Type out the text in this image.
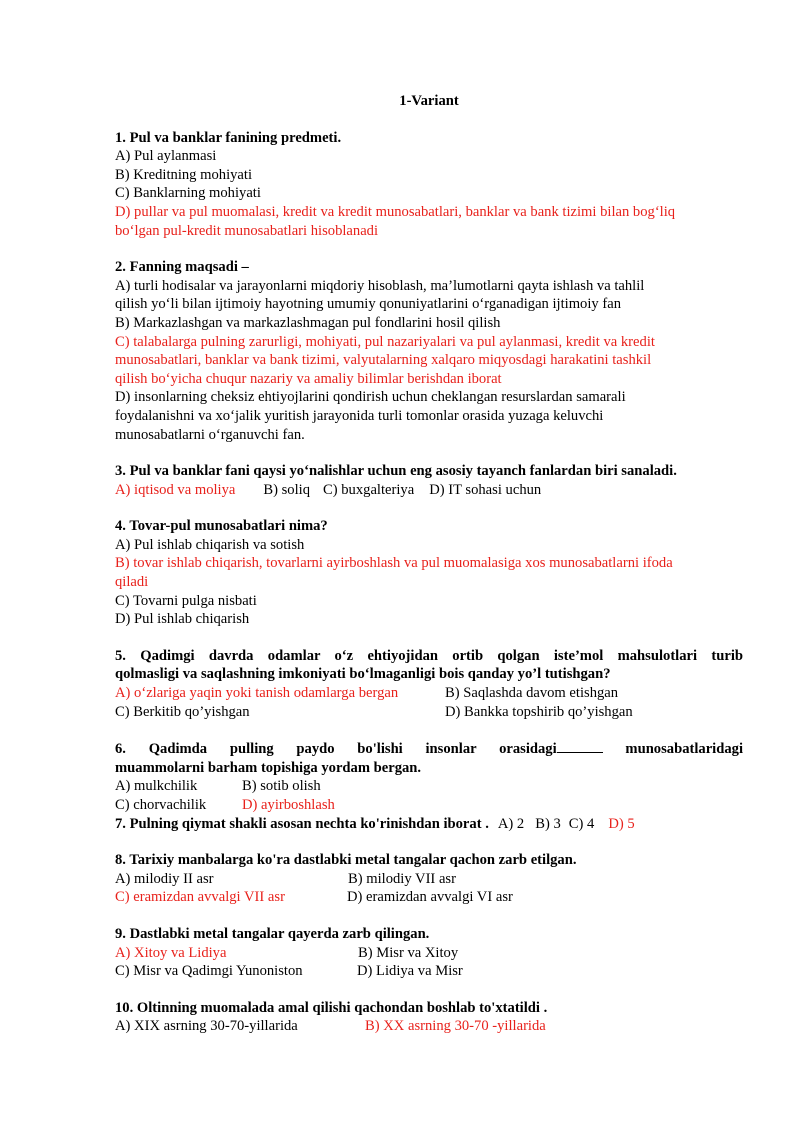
1-Variant
1. Pul va banklar fanining predmeti.
A) Pul aylanmasi
B) Kreditning mohiyati
C) Banklarning mohiyati
D) pullar va pul muomalasi, kredit va kredit munosabatlari, banklar va bank tizimi bilan bog‘liq
bo‘lgan pul-kredit munosabatlari hisoblanadi
2. Fanning maqsadi –
A) turli hodisalar va jarayonlarni miqdoriy hisoblash, ma’lumotlarni qayta ishlash va tahlil
qilish yo‘li bilan ijtimoiy hayotning umumiy qonuniyatlarini o‘rganadigan ijtimoiy fan
B) Markazlashgan va markazlashmagan pul fondlarini hosil qilish
C) talabalarga pulning zarurligi, mohiyati, pul nazariyalari va pul aylanmasi, kredit va kredit
munosabatlari, banklar va bank tizimi, valyutalarning xalqaro miqyosdagi harakatini tashkil
qilish bo‘yicha chuqur nazariy va amaliy bilimlar berishdan iborat
D) insonlarning cheksiz ehtiyojlarini qondirish uchun cheklangan resurslardan samarali
foydalanishni va xo‘jalik yuritish jarayonida turli tomonlar orasida yuzaga keluvchi
munosabatlarni o‘rganuvchi fan.
3. Pul va banklar fani qaysi yo‘nalishlar uchun eng asosiy tayanch fanlardan biri sanaladi.
A) iqtisod va moliya B) soliq C) buxgalteriya D) IT sohasi uchun
4. Tovar-pul munosabatlari nima?
A) Pul ishlab chiqarish va sotish
B) tovar ishlab chiqarish, tovarlarni ayirboshlash va pul muomalasiga xos munosabatlarni ifoda
qiladi
C) Tovarni pulga nisbati
D) Pul ishlab chiqarish
5. Qadimgi davrda odamlar o‘z ehtiyojidan ortib qolgan iste’mol mahsulotlari turib
qolmasligi va saqlashning imkoniyati bo‘lmaganligi bois qanday yo’l tutishgan?
A) o‘zlariga yaqin yoki tanish odamlarga bergan	B) Saqlashda davom etishgan
C) Berkitib qo’yishgan	D) Bankka topshirib qo’yishgan
6. Qadimda pulling paydo bo'lishi insonlar orasidagi	munosabatlaridagi
muammolarni barham topishiga yordam bergan.
A) mulkchilik	B) sotib olish
C) chorvachilik	D) ayirboshlash
7. Pulning qiymat shakli asosan nechta ko'rinishdan iborat . A) 2 B) 3 C) 4 D) 5
8. Tarixiy manbalarga ko'ra dastlabki metal tangalar qachon zarb etilgan.
A) milodiy II asr	B) milodiy VII asr
C) eramizdan avvalgi VII asr	D) eramizdan avvalgi VI asr
9. Dastlabki metal tangalar qayerda zarb qilingan.
A) Xitoy va Lidiya	B) Misr va Xitoy
C) Misr va Qadimgi Yunoniston	D) Lidiya va Misr
10. Oltinning muomalada amal qilishi qachondan boshlab to'xtatildi .
A) XIX asrning 30-70-yillarida	B) XX asrning 30-70 -yillarida
